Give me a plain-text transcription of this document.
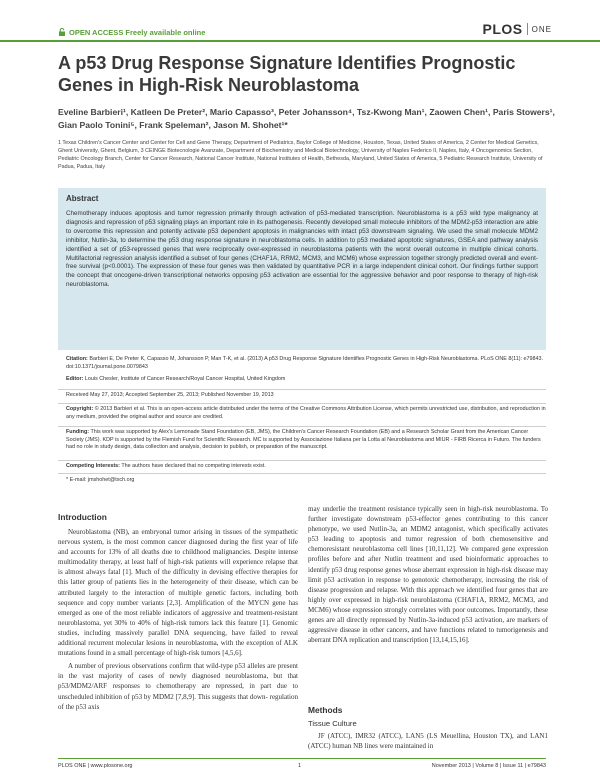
OPEN ACCESS Freely available online	PLOS ONE
A p53 Drug Response Signature Identifies Prognostic Genes in High-Risk Neuroblastoma
Eveline Barbieri¹, Katleen De Preter², Mario Capasso³, Peter Johansson⁴, Tsz-Kwong Man¹, Zaowen Chen¹, Paris Stowers¹, Gian Paolo Tonini⁵, Frank Speleman², Jason M. Shohet¹*
1 Texas Children's Cancer Center and Center for Cell and Gene Therapy, Department of Pediatrics, Baylor College of Medicine, Houston, Texas, United States of America, 2 Center for Medical Genetics, Ghent University, Ghent, Belgium, 3 CEINGE Biotecnologie Avanzate, Department of Biochemistry and Medical Biotechnology, University of Naples Federico II, Naples, Italy, 4 Oncogenomics Section, Pediatric Oncology Branch, Center for Cancer Research, National Cancer Institute, National Institutes of Health, Bethesda, Maryland, United States of America, 5 Pediatric Research Institute, University of Padua, Padua, Italy
Abstract
Chemotherapy induces apoptosis and tumor regression primarily through activation of p53-mediated transcription. Neuroblastoma is a p53 wild type malignancy at diagnosis and repression of p53 signaling plays an important role in its pathogenesis. Recently developed small molecule inhibitors of the MDM2-p53 interaction are able to overcome this repression and potently activate p53 dependent apoptosis in malignancies with intact p53 downstream signaling. We used the small molecule MDM2 inhibitor, Nutlin-3a, to determine the p53 drug response signature in neuroblastoma cells. In addition to p53 mediated apoptotic signatures, GSEA and pathway analysis identified a set of p53-repressed genes that were reciprocally over-expressed in neuroblastoma patients with the worst overall outcome in multiple clinical cohorts. Multifactorial regression analysis identified a subset of four genes (CHAF1A, RRM2, MCM3, and MCM6) whose expression together strongly predicted overall and event-free survival (p<0.0001). The expression of these four genes was then validated by quantitative PCR in a large independent clinical cohort. Our findings further support the concept that oncogene-driven transcriptional networks opposing p53 activation are essential for the aggressive behavior and poor response to therapy of high-risk neuroblastoma.
Citation: Barbieri E, De Preter K, Capasso M, Johansson P, Man T-K, et al. (2013) A p53 Drug Response Signature Identifies Prognostic Genes in High-Risk Neuroblastoma. PLoS ONE 8(11): e79843. doi:10.1371/journal.pone.0079843
Editor: Louis Chesler, Institute of Cancer Research/Royal Cancer Hospital, United Kingdom
Received May 27, 2013; Accepted September 25, 2013; Published November 19, 2013
Copyright: © 2013 Barbieri et al. This is an open-access article distributed under the terms of the Creative Commons Attribution License, which permits unrestricted use, distribution, and reproduction in any medium, provided the original author and source are credited.
Funding: This work was supported by Alex's Lemonade Stand Foundation (EB, JMS), the Children's Cancer Research Foundation (EB) and a Research Scholar Grant from the American Cancer Society (JMS). KDP is supported by the Flemish Fund for Scientific Research. MC is supported by Associazione Italiana per la Lotta al Neuroblastoma and MIUR - FIRB Ricerca in Futuro. The funders had no role in study design, data collection and analysis, decision to publish, or preparation of the manuscript.
Competing Interests: The authors have declared that no competing interests exist.
* E-mail: jmshohet@txch.org
Introduction

Neuroblastoma (NB), an embryonal tumor arising in tissues of the sympathetic nervous system, is the most common cancer diagnosed during the first year of life and accounts for 13% of all deaths due to childhood malignancies. Despite intense multimodality therapy, at least half of high-risk patients will experience relapse that is almost always fatal [1]. Much of the difficulty in devising effective therapies for this latter group of patients lies in the heterogeneity of their disease, which can be attributed largely to the interaction of multiple genetic factors, including both sequence and copy number variants [2,3]. Amplification of the MYCN gene has emerged as one of the most reliable indicators of aggressive and treatment-resistant neuroblastoma, yet 30% to 40% of high-risk tumors lack this feature [1]. Genomic studies, including massively parallel DNA sequencing, have failed to reveal additional recurrent molecular lesions in neuroblastoma, with the exception of ALK mutations found in a small percentage of high-risk tumors [4,5,6].

A number of previous observations confirm that wild-type p53 alleles are present in the vast majority of cases of newly diagnosed neuroblastoma, but that p53/MDM2/ARF responses to chemotherapy are repressed, in part due to unscheduled inhibition of p53 by MDM2 [7,8,9]. This suggests that down- regulation of the p53 axis

may underlie the treatment resistance typically seen in high-risk neuroblastoma. To further investigate downstream p53-effector genes contributing to this cancer phenotype, we used Nutlin-3a, an MDM2 antagonist, which specifically activates p53 leading to apoptosis and tumor regression of both chemosensitive and chemoresistant neuroblastoma cell lines [10,11,12]. We compared gene expression profiles before and after Nutlin treatment and used bioinformatic approaches to identify p53 drug response genes whose aberrant expression in high-risk disease may limit p53 activation in response to genotoxic chemotherapy, increasing the risk of disease progression and relapse. With this approach we identified four genes that are highly over expressed in high-risk neuroblastoma (CHAF1A, RRM2, MCM3, and MCM6) whose expression strongly correlates with poor outcomes. Importantly, these genes are all directly repressed by Nutlin-3a-induced p53 activation, are markers of aggressive disease in other cancers, and have functions related to tumorigenesis and aberrant DNA replication and transcription [13,14,15,16].

Methods
Tissue Culture

JF (ATCC), IMR32 (ATCC), LAN5 (LS Meuellina, Houston TX), and LAN1 (ATCC) human NB lines were maintained in

PLOS ONE | www.plosone.org	1	November 2013 | Volume 8 | Issue 11 | e79843
